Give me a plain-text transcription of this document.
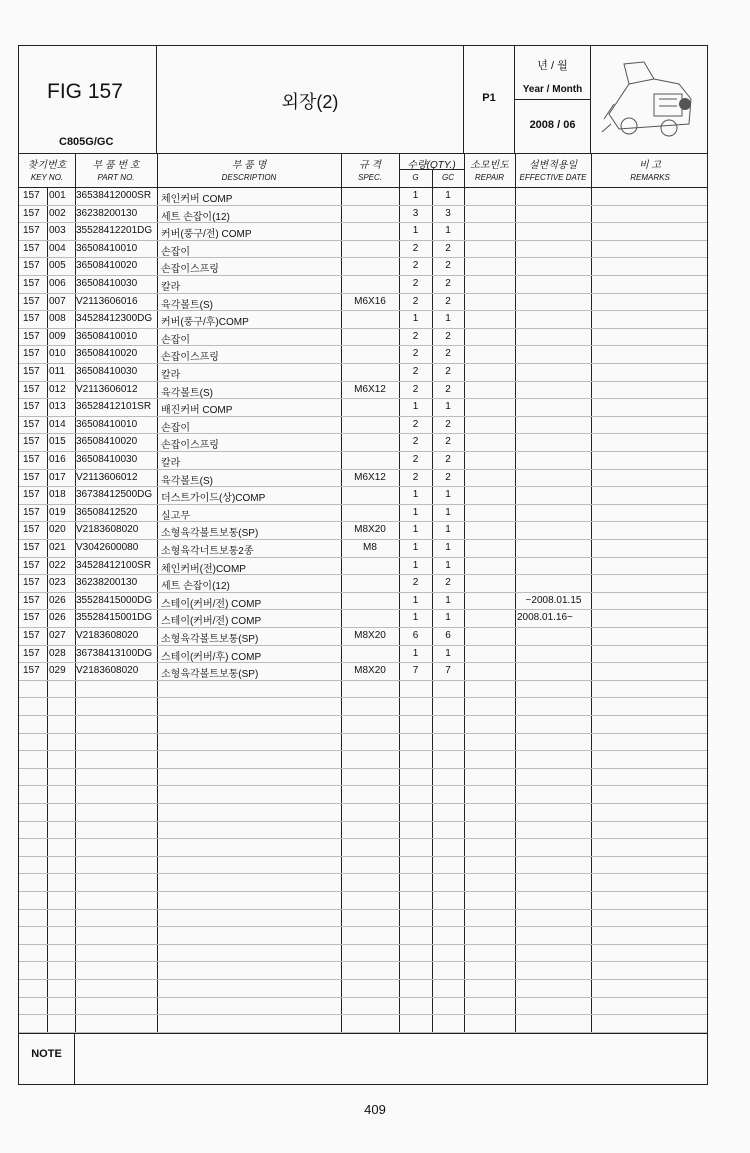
FIG 157
C805G/GC
외장(2)	P1
년 / 월
Year / Month
2008 / 06
찾기번호
KEY NO.
부 품 번 호
PART NO.
부 품 명
DESCRIPTION
규 격
SPEC.
수량(QTY.)
G	GC
소모빈도
REPAIR
설변적용일
EFFECTIVE DATE
비 고
REMARKS
157 001 36538412000SR 체인커버 COMP	1	1
157 002 36238200130 세트 손잡이(12)	3	3
157 003 35528412201DG 커버(풍구/전) COMP	1	1
157 004 36508410010 손잡이	2	2
157 005 36508410020 손잡이스프링	2	2
157 006 36508410030 칼라	2	2
157 007 V2113606016 육각볼트(S)	M6X16	2	2
157 008 34528412300DG 커버(풍구/후)COMP	1	1
157 009 36508410010 손잡이	2	2
157 010 36508410020 손잡이스프링	2	2
157 011 36508410030 칼라	2	2
157 012 V2113606012 육각볼트(S)	M6X12	2	2
157 013 36528412101SR 배진커버 COMP	1	1
157 014 36508410010 손잡이	2	2
157 015 36508410020 손잡이스프링	2	2
157 016 36508410030 칼라	2	2
157 017 V2113606012 육각볼트(S)	M6X12	2	2
157 018 36738412500DG 더스트가이드(상)COMP	1	1
157 019 36508412520 실고무	1	1
157 020 V2183608020 소형육각볼트보통(SP)	M8X20	1	1
157 021 V3042600080 소형육각너트보통2종	M8	1	1
157 022 34528412100SR 체인커버(전)COMP	1	1
157 023 36238200130 세트 손잡이(12)	2	2
157 026 35528415000DG 스테이(커버/전) COMP	1	1	~2008.01.15
157 026 35528415001DG 스테이(커버/전) COMP	1	1	2008.01.16~
157 027 V2183608020 소형육각볼트보통(SP)	M8X20	6	6
157 028 36738413100DG 스테이(커버/후) COMP	1	1
157 029 V2183608020 소형육각볼트보통(SP)	M8X20	7	7
NOTE
409
